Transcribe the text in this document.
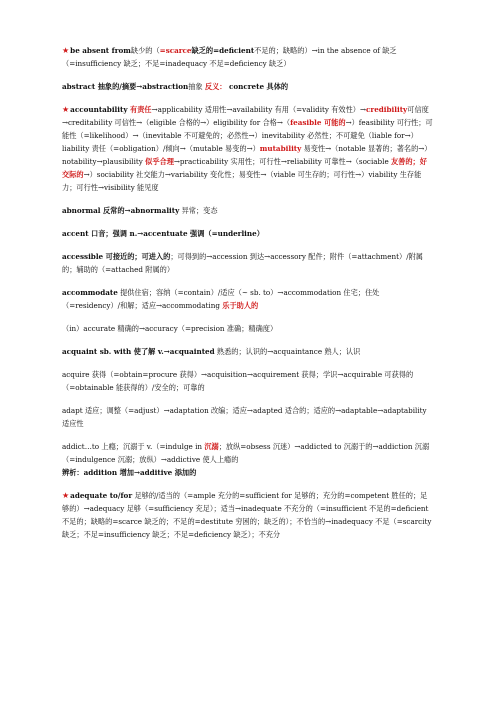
★be absent from缺少的（=scarce缺乏的=deficient不足的；缺略的）→in the absence of 缺乏（=insufficiency 缺乏；不足=inadequacy 不足=deficiency 缺乏）

abstract 抽象的/摘要→abstraction抽象 反义： concrete 具体的

★accountability 有责任→applicability 适用性→availability 有用（=validity 有效性）→credibility可信度→creditability 可信性→（eligible 合格的→）eligibility for 合格→（feasible 可能的→）feasibility 可行性；可能性（=likelihood）→（inevitable 不可避免的；必然性→）inevitability 必然性；不可避免（liable for→）liability 责任（=obligation）/倾向→（mutable 易变的→）mutability 易变性→（notable 显著的；著名的→）notability→plausibility 似乎合理→practicability 实用性；可行性→reliability 可靠性→（sociable 友善的；好交际的→）sociability 社交能力→variability 变化性；易变性→（viable 可生存的；可行性→）viability 生存能力；可行性→visibility 能见度

abnormal 反常的→abnormality 异常；变态

accent 口音；强调 n.→accentuate 强调（=underline）

accessible 可接近的；可进入的；可得到的→accession 到达→accessory 配件；附件（=attachment）/附属的；辅助的（=attached 附属的）

accommodate 提供住宿；容纳（=contain）/适应（~ sb. to）→accommodation 住宅；住处（=residency）/和解；适应→accommodating 乐于助人的

（in）accurate 精确的→accuracy（=precision 准确；精确度）

acquaint sb. with 使了解 v.→acquainted 熟悉的；认识的→acquaintance 熟人；认识

acquire 获得（=obtain=procure 获得）→acquisition→acquirement 获得；学识→acquirable 可获得的（=obtainable 能获得的）/安全的；可靠的

adapt 适应；调整（=adjust）→adaptation 改编；适应→adapted 适合的；适应的→adaptable→adaptability 适应性

addict…to 上瘾；沉溺于 v.（=indulge in 沉溺；放纵=obsess 沉迷）→addicted to 沉溺于的→addiction 沉溺（=indulgence 沉溺；放纵）→addictive 使人上瘾的

辨析：addition 增加→additive 添加的

★adequate to/for 足够的/适当的（=ample 充分的=sufficient for 足够的；充分的=competent 胜任的；足够的）→adequacy 足够（=sufficiency 充足）；适当→inadequate 不充分的（=insufficient 不足的=deficient 不足的；缺略的=scarce 缺乏的；不足的=destitute 穷困的；缺乏的）；不恰当的→inadequacy 不足（=scarcity 缺乏；不足=insufficiency 缺乏；不足=deficiency 缺乏）；不充分
